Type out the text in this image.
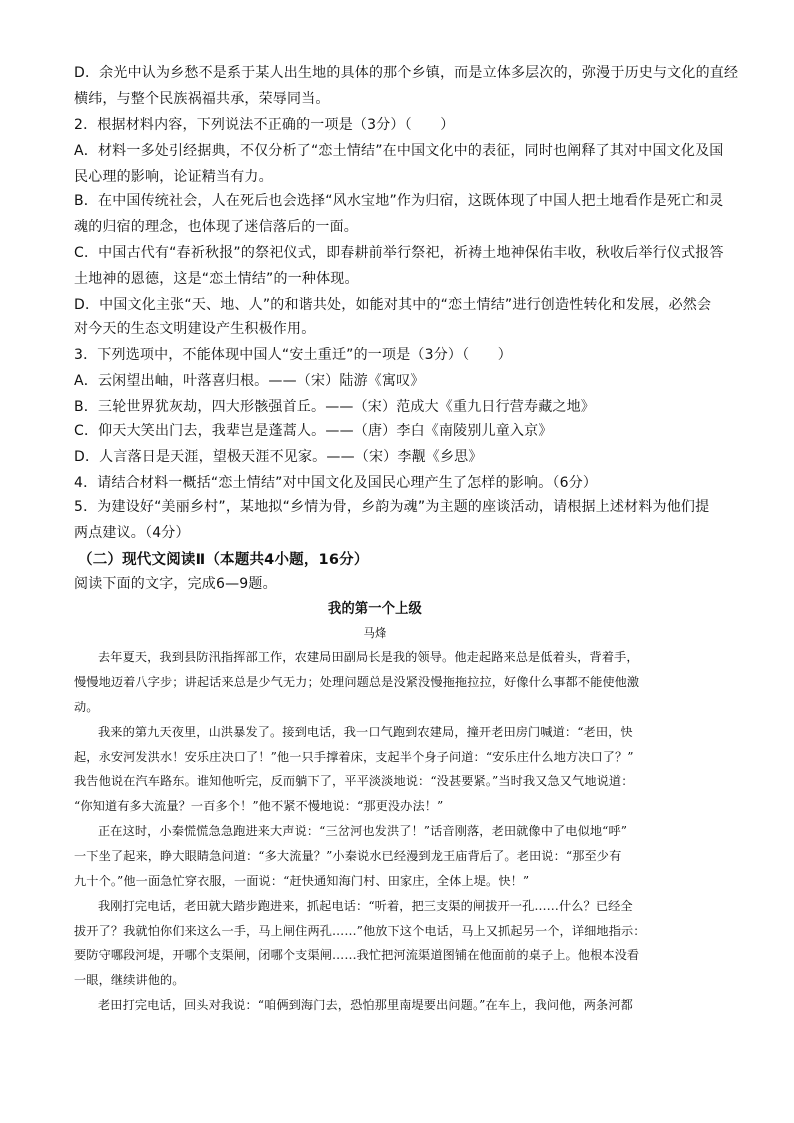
D．余光中认为乡愁不是系于某人出生地的具体的那个乡镇，而是立体多层次的，弥漫于历史与文化的直经
横纬，与整个民族祸福共承，荣辱同当。
2．根据材料内容，下列说法不正确的一项是（3分）（　　）
A．材料一多处引经据典，不仅分析了“恋土情结”在中国文化中的表征，同时也阐释了其对中国文化及国
民心理的影响，论证精当有力。
B．在中国传统社会，人在死后也会选择“风水宝地”作为归宿，这既体现了中国人把土地看作是死亡和灵
魂的归宿的理念，也体现了迷信落后的一面。
C．中国古代有“春祈秋报”的祭祀仪式，即春耕前举行祭祀，祈祷土地神保佑丰收，秋收后举行仪式报答
土地神的恩德，这是“恋土情结”的一种体现。
D．中国文化主张“天、地、人”的和谐共处，如能对其中的“恋土情结”进行创造性转化和发展，必然会
对今天的生态文明建设产生积极作用。
3．下列选项中，不能体现中国人“安土重迁”的一项是（3分）（　　）
A．云闲望出岫，叶落喜归根。——（宋）陆游《寓叹》
B．三轮世界犹灰劫，四大形骸强首丘。——（宋）范成大《重九日行营寿藏之地》
C．仰天大笑出门去，我辈岂是蓬蒿人。——（唐）李白《南陵别儿童入京》
D．人言落日是天涯，望极天涯不见家。——（宋）李觏《乡思》
4．请结合材料一概括“恋土情结”对中国文化及国民心理产生了怎样的影响。（6分）
5．为建设好“美丽乡村”，某地拟“乡情为骨，乡韵为魂”为主题的座谈活动，请根据上述材料为他们提
两点建议。（4分）
（二）现代文阅读Ⅱ（本题共4小题，16分）
阅读下面的文字，完成6—9题。
我的第一个上级
马烽
去年夏天，我到县防汛指挥部工作，农建局田副局长是我的领导。他走起路来总是低着头，背着手，
慢慢地迈着八字步；讲起话来总是少气无力；处理问题总是没紧没慢拖拖拉拉，好像什么事都不能使他激
动。
我来的第九天夜里，山洪暴发了。接到电话，我一口气跑到农建局，撞开老田房门喊道：“老田，快
起，永安河发洪水！安乐庄决口了！”他一只手撑着床，支起半个身子问道：“安乐庄什么地方决口了？”
我告他说在汽车路东。谁知他听完，反而躺下了，平平淡淡地说：“没甚要紧。”当时我又急又气地说道：
“你知道有多大流量？一百多个！”他不紧不慢地说：“那更没办法！”
正在这时，小秦慌慌急急跑进来大声说：“三岔河也发洪了！”话音刚落，老田就像中了电似地“呼”
一下坐了起来，睁大眼睛急问道：“多大流量？”小秦说水已经漫到龙王庙背后了。老田说：“那至少有
九十个。”他一面急忙穿衣服，一面说：“赶快通知海门村、田家庄，全体上堤。快！”
我刚打完电话，老田就大踏步跑进来，抓起电话：“听着，把三支渠的闸拔开一孔……什么？已经全
拔开了？我就怕你们来这么一手，马上闸住两孔……”他放下这个电话，马上又抓起另一个，详细地指示：
要防守哪段河堤，开哪个支渠闸，闭哪个支渠闸……我忙把河流渠道图铺在他面前的桌子上。他根本没看
一眼，继续讲他的。
老田打完电话，回头对我说：“咱俩到海门去，恐怕那里南堤要出问题。”在车上，我问他，两条河都
